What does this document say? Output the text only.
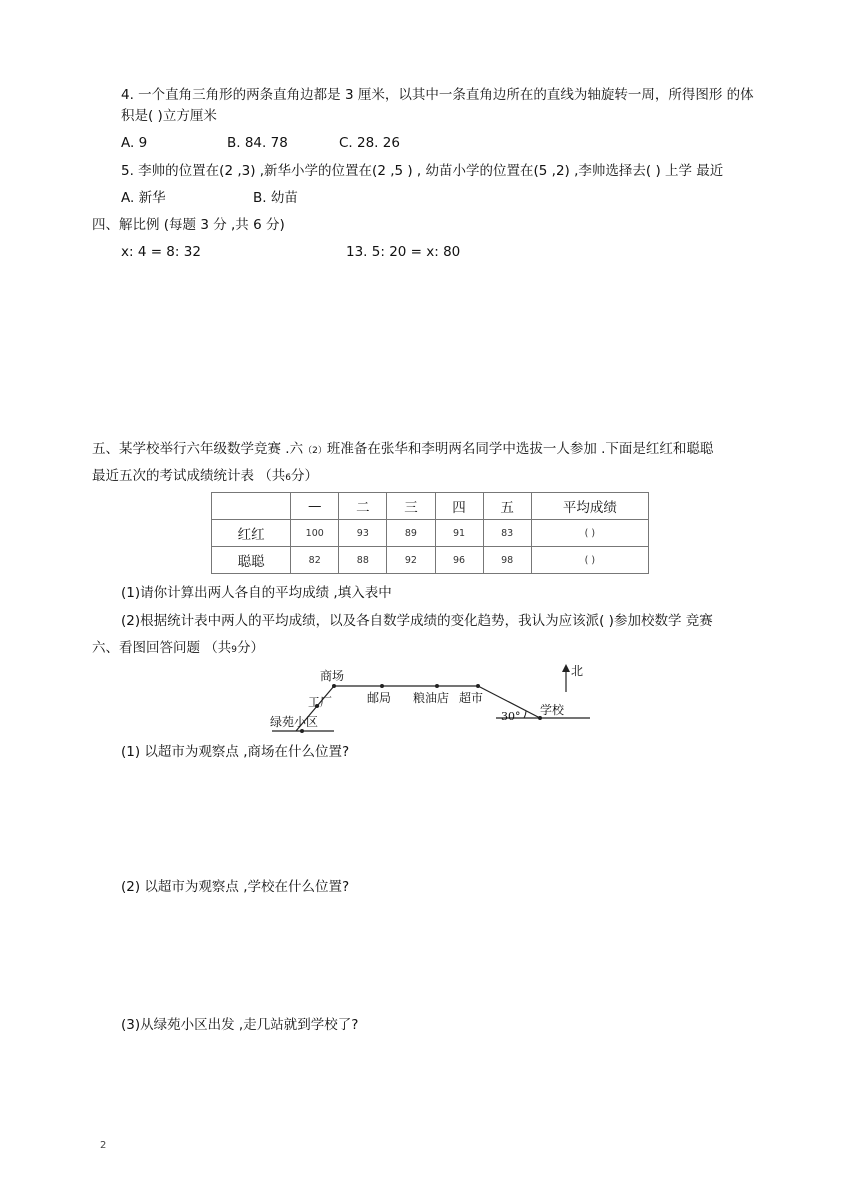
4. 一个直角三角形的两条直角边都是 3 厘米，以其中一条直角边所在的直线为轴旋转一周，所得图形 的体
积是( )立方厘米
A. 9	B. 84. 78	C. 28. 26
5. 李帅的位置在(2 ,3) ,新华小学的位置在(2 ,5 ) , 幼苗小学的位置在(5 ,2) ,李帅选择去( ) 上学 最近
A. 新华	B. 幼苗
四、解比例 (每题 3 分 ,共 6 分)
x: 4 = 8: 32	13. 5: 20 = x: 80
五、某学校举行六年级数学竞赛 .六（2）班准备在张华和李明两名同学中选拔一人参加 .下面是红红和聪聪
最近五次的考试成绩统计表 （共6分）
	—	二	三	四	五	平均成绩
红红	100	93	89	91	83	( )
聪聪	82	88	92	96	98	( )
(1)请你计算出两人各自的平均成绩 ,填入表中
(2)根据统计表中两人的平均成绩，以及各自数学成绩的变化趋势，我认为应该派( )参加校数学 竞赛
六、看图回答问题 （共9分）
北
商场
工厂
绿苑小区
邮局 粮油店 超市
学校
30°
(1) 以超市为观察点 ,商场在什么位置?
(2) 以超市为观察点 ,学校在什么位置?
(3)从绿苑小区出发 ,走几站就到学校了?
2
